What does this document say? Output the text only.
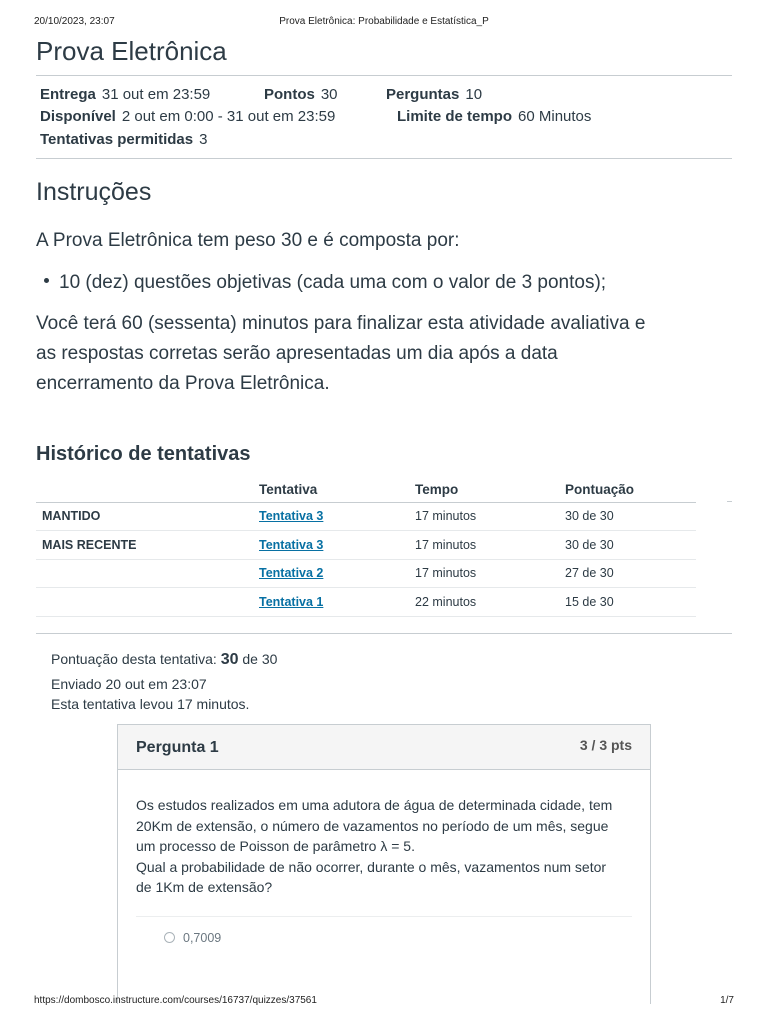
20/10/2023, 23:07	Prova Eletrônica: Probabilidade e Estatística_P
Prova Eletrônica
Entrega 31 out em 23:59	Pontos 30	Perguntas 10
Disponível 2 out em 0:00 - 31 out em 23:59	Limite de tempo 60 Minutos
Tentativas permitidas 3
Instruções

A Prova Eletrônica tem peso 30 e é composta por:

10 (dez) questões objetivas (cada uma com o valor de 3 pontos);

Você terá 60 (sessenta) minutos para finalizar esta atividade avaliativa e

as respostas corretas serão apresentadas um dia após a data

encerramento da Prova Eletrônica.

Histórico de tentativas
	Tentativa	Tempo	Pontuação
MANTIDO	Tentativa 3	17 minutos	30 de 30
MAIS RECENTE	Tentativa 3	17 minutos	30 de 30
	Tentativa 2	17 minutos	27 de 30
	Tentativa 1	22 minutos	15 de 30
Pontuação desta tentativa: 30 de 30
Enviado 20 out em 23:07
Esta tentativa levou 17 minutos.
Pergunta 1	3 / 3 pts
Os estudos realizados em uma adutora de água de determinada cidade, tem
20Km de extensão, o número de vazamentos no período de um mês, segue
um processo de Poisson de parâmetro λ = 5.
Qual a probabilidade de não ocorrer, durante o mês, vazamentos num setor
de 1Km de extensão?
0,7009
https://dombosco.instructure.com/courses/16737/quizzes/37561	1/7
